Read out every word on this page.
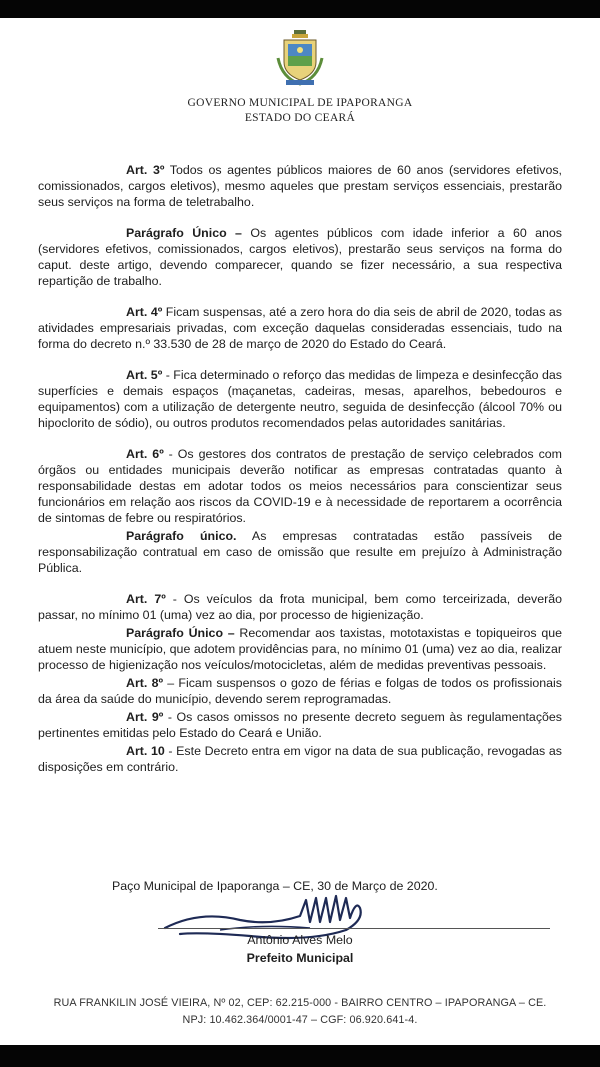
GOVERNO MUNICIPAL DE IPAPORANGA
ESTADO DO CEARÁ

Art. 3º Todos os agentes públicos maiores de 60 anos (servidores efetivos, comissionados, cargos eletivos), mesmo aqueles que prestam serviços essenciais, prestarão seus serviços na forma de teletrabalho.

Parágrafo Único – Os agentes públicos com idade inferior a 60 anos (servidores efetivos, comissionados, cargos eletivos), prestarão seus serviços na forma do caput. deste artigo, devendo comparecer, quando se fizer necessário, a sua respectiva repartição de trabalho.

Art. 4º Ficam suspensas, até a zero hora do dia seis de abril de 2020, todas as atividades empresariais privadas, com exceção daquelas consideradas essenciais, tudo na forma do decreto n.º 33.530 de 28 de março de 2020 do Estado do Ceará.

Art. 5º - Fica determinado o reforço das medidas de limpeza e desinfecção das superfícies e demais espaços (maçanetas, cadeiras, mesas, aparelhos, bebedouros e equipamentos) com a utilização de detergente neutro, seguida de desinfecção (álcool 70% ou hipoclorito de sódio), ou outros produtos recomendados pelas autoridades sanitárias.

Art. 6º - Os gestores dos contratos de prestação de serviço celebrados com órgãos ou entidades municipais deverão notificar as empresas contratadas quanto à responsabilidade destas em adotar todos os meios necessários para conscientizar seus funcionários em relação aos riscos da COVID-19 e à necessidade de reportarem a ocorrência de sintomas de febre ou respiratórios.

Parágrafo único. As empresas contratadas estão passíveis de responsabilização contratual em caso de omissão que resulte em prejuízo à Administração Pública.

Art. 7º - Os veículos da frota municipal, bem como terceirizada, deverão passar, no mínimo 01 (uma) vez ao dia, por processo de higienização.

Parágrafo Único – Recomendar aos taxistas, mototaxistas e topiqueiros que atuem neste município, que adotem providências para, no mínimo 01 (uma) vez ao dia, realizar processo de higienização nos veículos/motocicletas, além de medidas preventivas pessoais.

Art. 8º – Ficam suspensos o gozo de férias e folgas de todos os profissionais da área da saúde do município, devendo serem reprogramadas.

Art. 9º - Os casos omissos no presente decreto seguem às regulamentações pertinentes emitidas pelo Estado do Ceará e União.

Art. 10 - Este Decreto entra em vigor na data de sua publicação, revogadas as disposições em contrário.

Paço Municipal de Ipaporanga – CE, 30 de Março de 2020.
Antônio Alves Melo
Prefeito Municipal
RUA FRANKILIN JOSÉ VIEIRA, Nº 02, CEP: 62.215-000 - BAIRRO CENTRO – IPAPORANGA – CE.
NPJ: 10.462.364/0001-47 – CGF: 06.920.641-4.
